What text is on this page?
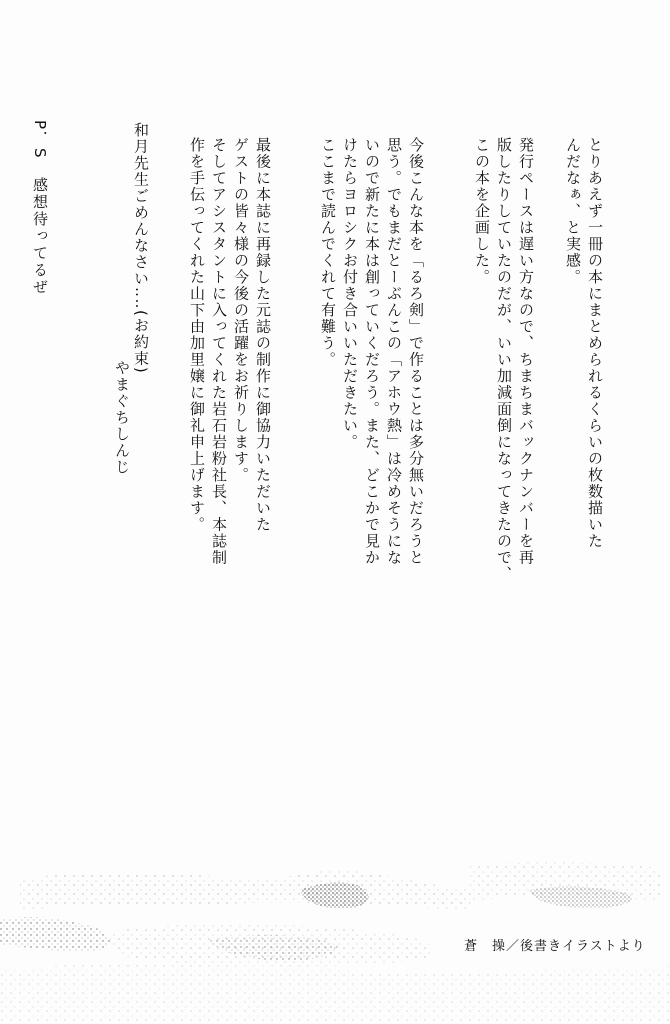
とりあえず一冊の本にまとめられるくらいの枚数描いた
んだなぁ、と実感。
発行ペースは遅い方なので、ちまちまバックナンバーを再
版したりしていたのだが、いい加減面倒になってきたので、
この本を企画した。
今後こんな本を「るろ剣」で作ることは多分無いだろうと
思う。でもまだとーぶんこの「アホウ熱」は冷めそうにな
いので新たに本は創っていくだろう。また、どこかで見か
けたらヨロシクお付き合いいただきたい。
ここまで読んでくれて有難う。
最後に本誌に再録した元誌の制作に御協力いただいた
ゲストの皆々様の今後の活躍をお祈りします。
そしてアシスタントに入ってくれた岩石岩粉社長、本誌制
作を手伝ってくれた山下由加里嬢に御礼申上げます。
和月先生ごめんなさい‥‥(お約束)
やまぐちしんじ
P．S　感想待ってるぜ
蒼　操／後書きイラストより
